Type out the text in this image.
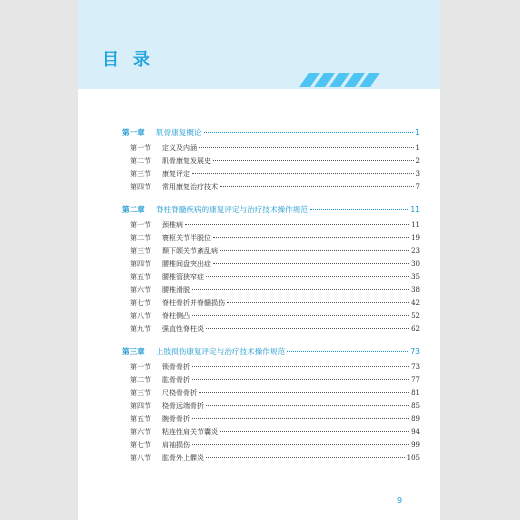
目 录
第一章	肌骨康复概论	1
第一节	定义及内涵	1
第二节	肌骨康复发展史	2
第三节	康复评定	3
第四节	常用康复治疗技术	7
第二章	脊柱脊髓疾病的康复评定与治疗技术操作规范	11
第一节	颈椎病	11
第二节	寰枢关节半脱位	19
第三节	颞下颌关节紊乱病	23
第四节	腰椎间盘突出症	30
第五节	腰椎管狭窄症	35
第六节	腰椎滑脱	38
第七节	脊柱骨折并脊髓损伤	42
第八节	脊柱侧凸	52
第九节	强直性脊柱炎	62
第三章	上肢损伤康复评定与治疗技术操作规范	73
第一节	锁骨骨折	73
第二节	肱骨骨折	77
第三节	尺桡骨骨折	81
第四节	桡骨远端骨折	85
第五节	腕骨骨折	89
第六节	粘连性肩关节囊炎	94
第七节	肩袖损伤	99
第八节	肱骨外上髁炎	105
9
